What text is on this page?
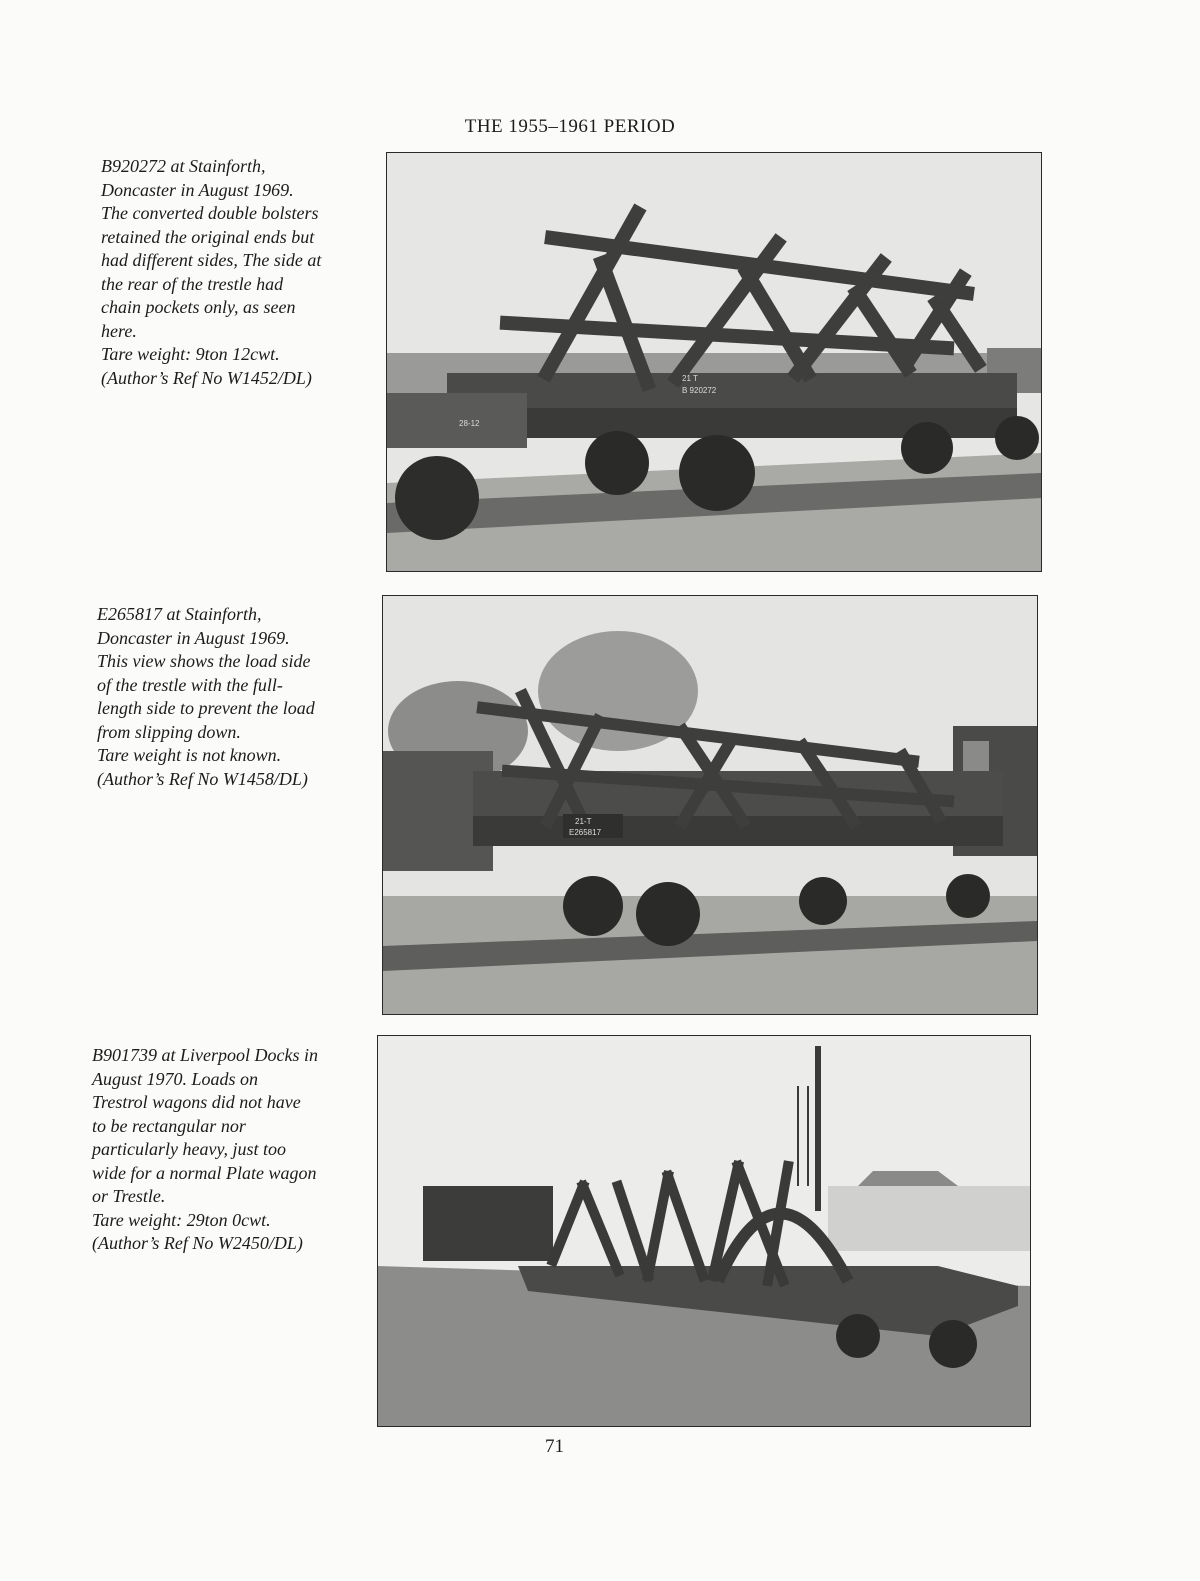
THE 1955–1961 PERIOD
B920272 at Stainforth,
Doncaster in August 1969.
The converted double bolsters
retained the original ends but
had different sides, The side at
the rear of the trestle had
chain pockets only, as seen
here.
Tare weight: 9ton 12cwt.
(Author’s Ref No W1452/DL)	21 T
B 920272
28-12
E265817 at Stainforth,
Doncaster in August 1969.
This view shows the load side
of the trestle with the full-
length side to prevent the load
from slipping down.
Tare weight is not known.
(Author’s Ref No W1458/DL)
21-T
E265817
B901739 at Liverpool Docks in
August 1970. Loads on
Trestrol wagons did not have
to be rectangular nor
particularly heavy, just too
wide for a normal Plate wagon
or Trestle.
Tare weight: 29ton 0cwt.
(Author’s Ref No W2450/DL)
71
